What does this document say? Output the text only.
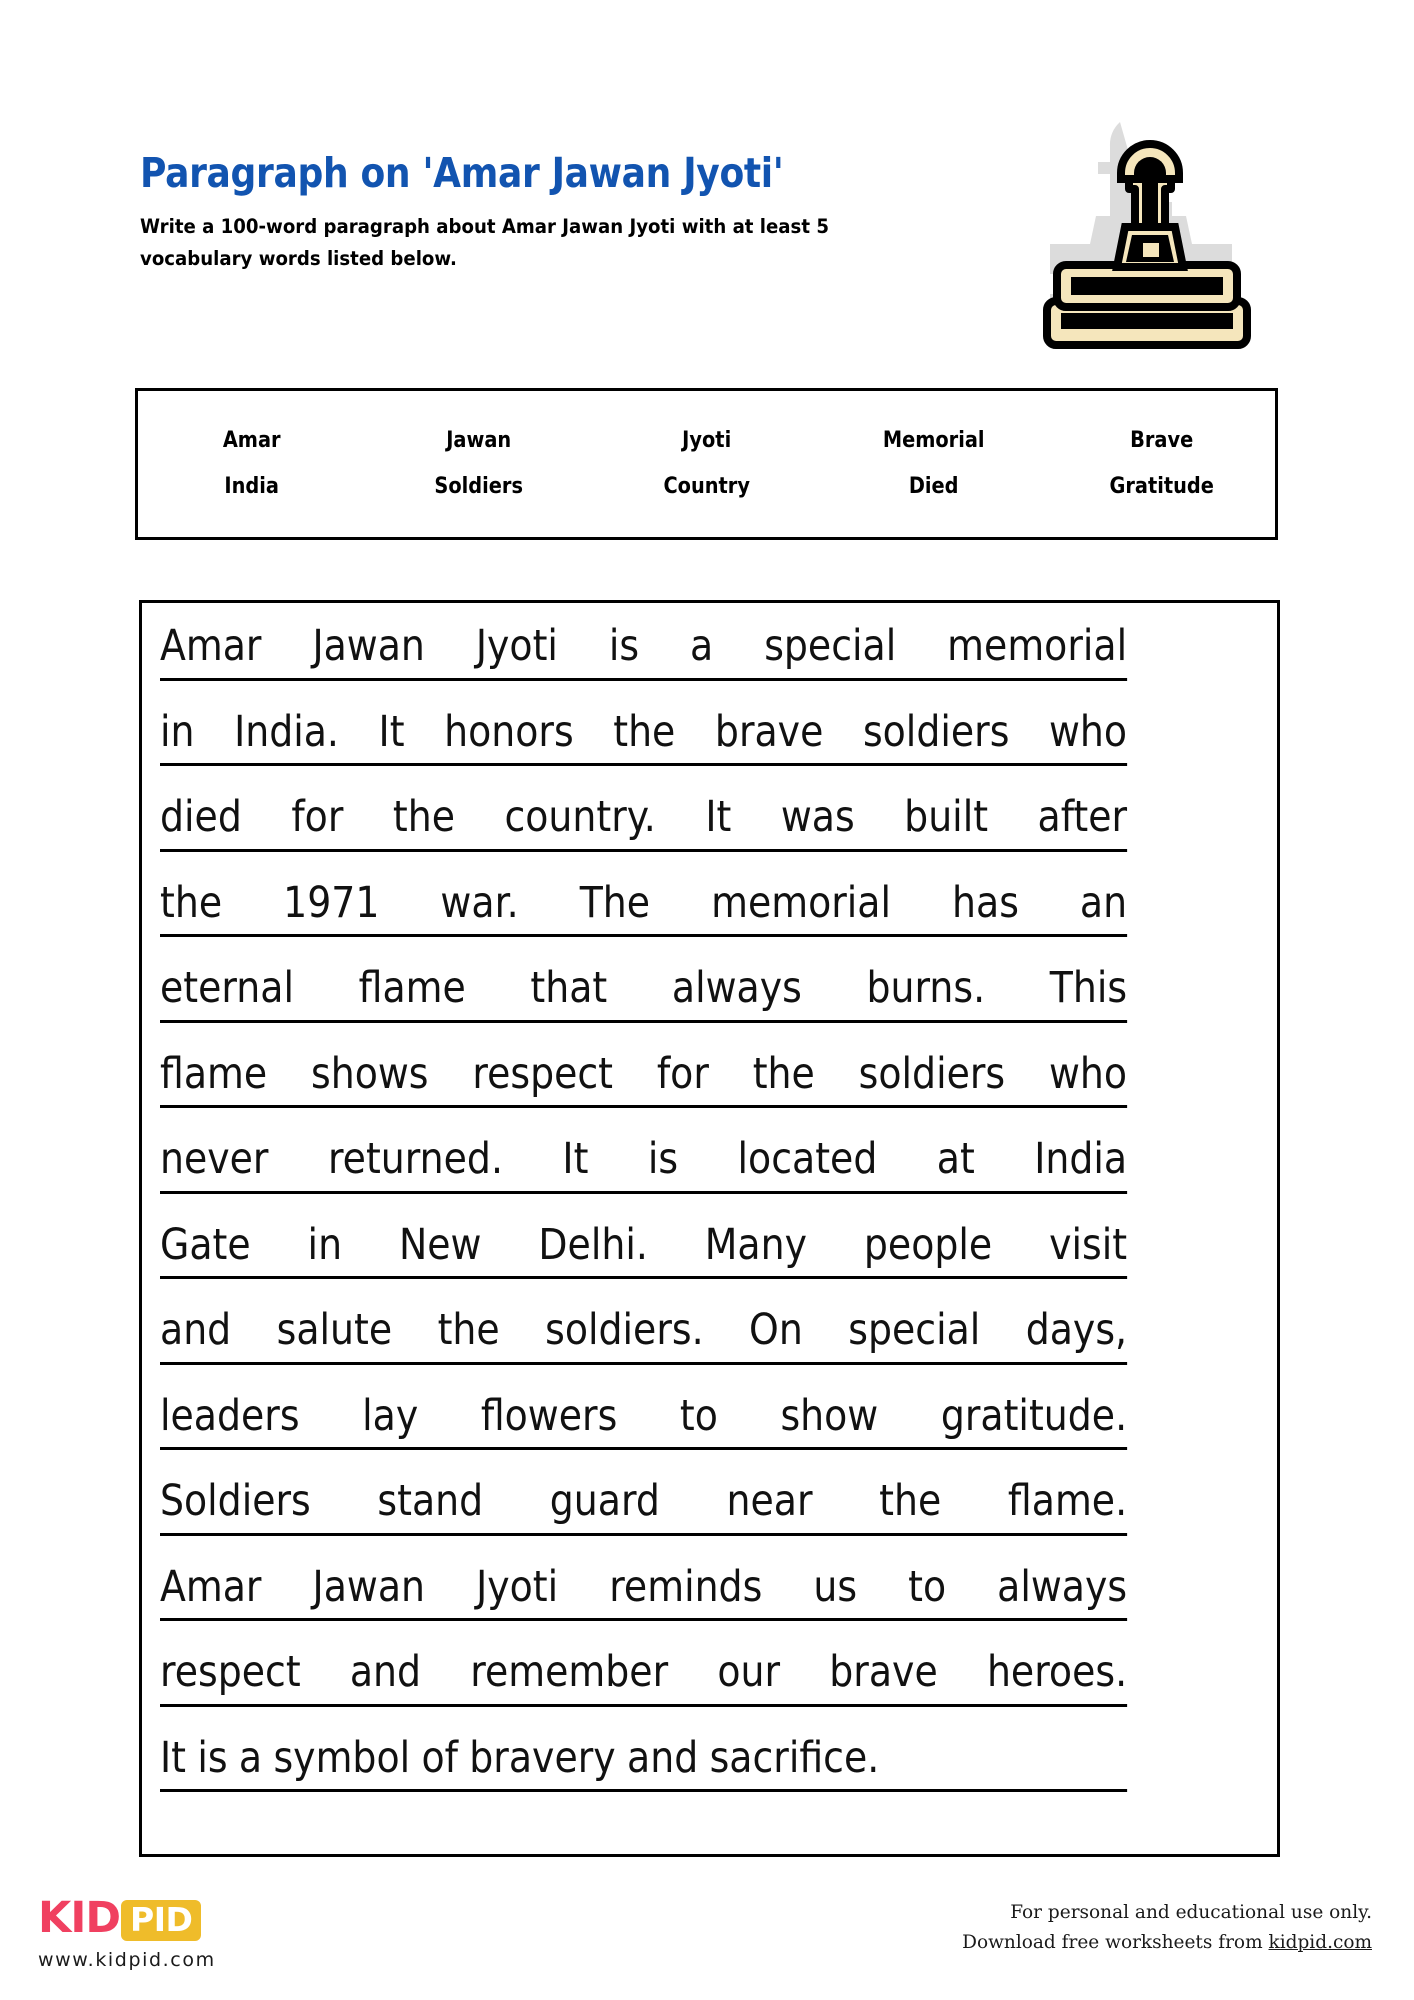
Paragraph on 'Amar Jawan Jyoti'

Write a 100-word paragraph about Amar Jawan Jyoti with at least 5 vocabulary words listed below.

Amar	Jawan	Jyoti	Memorial	Brave
India	Soldiers	Country	Died	Gratitude
Amar Jawan Jyoti is a special memorial
in India. It honors the brave soldiers who
died for the country. It was built after
the 1971 war. The memorial has an
eternal flame that always burns. This
flame shows respect for the soldiers who
never returned. It is located at India
Gate in New Delhi. Many people visit
and salute the soldiers. On special days,
leaders lay flowers to show gratitude.
Soldiers stand guard near the flame.
Amar Jawan Jyoti reminds us to always
respect and remember our brave heroes.
It is a symbol of bravery and sacrifice.
KID PID
www.kidpid.com
For personal and educational use only.
Download free worksheets from kidpid.com
